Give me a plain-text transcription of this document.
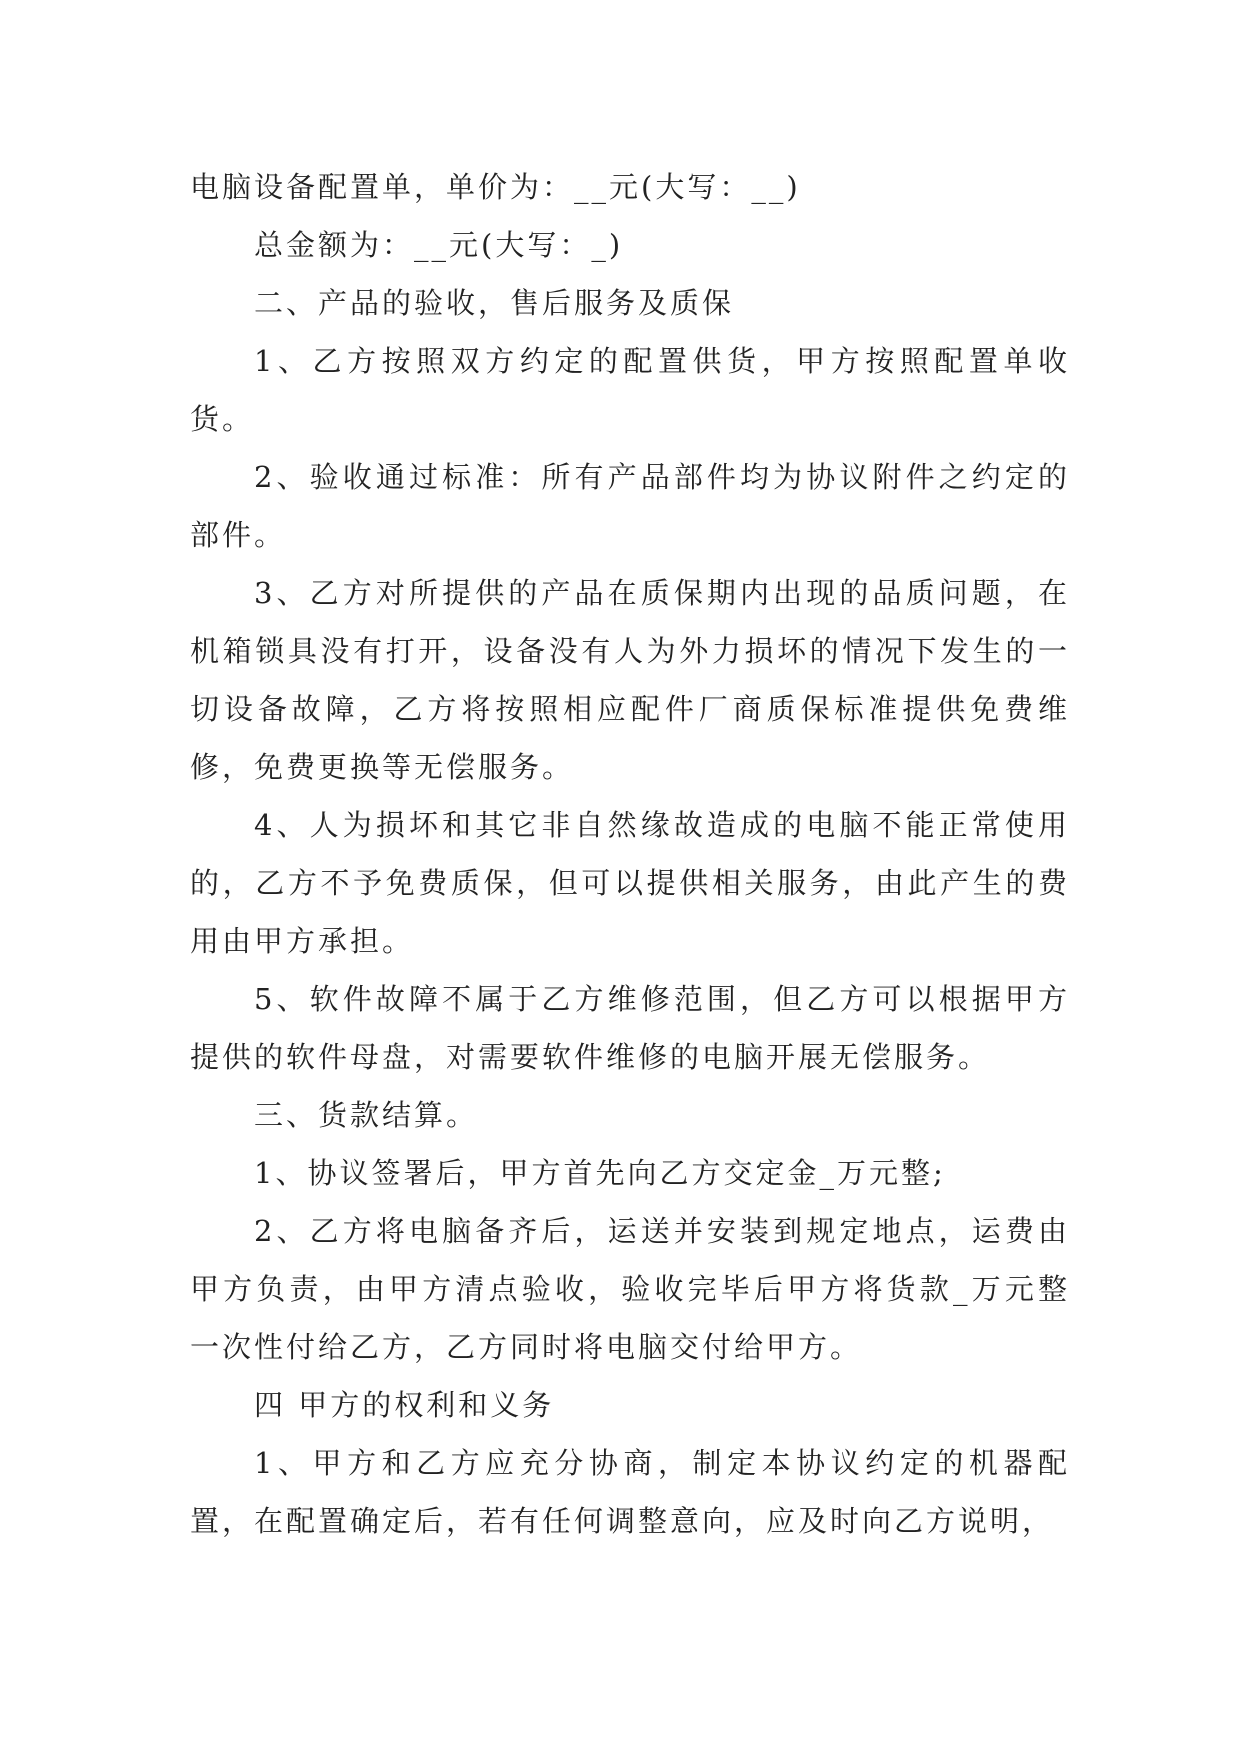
电脑设备配置单，单价为：__元(大写：__)

总金额为：__元(大写：_)

二、产品的验收，售后服务及质保

1、乙方按照双方约定的配置供货，甲方按照配置单收货。

2、验收通过标准：所有产品部件均为协议附件之约定的部件。

3、乙方对所提供的产品在质保期内出现的品质问题，在机箱锁具没有打开，设备没有人为外力损坏的情况下发生的一切设备故障，乙方将按照相应配件厂商质保标准提供免费维修，免费更换等无偿服务。

4、人为损坏和其它非自然缘故造成的电脑不能正常使用的，乙方不予免费质保，但可以提供相关服务，由此产生的费用由甲方承担。

5、软件故障不属于乙方维修范围，但乙方可以根据甲方提供的软件母盘，对需要软件维修的电脑开展无偿服务。

三、货款结算。

1、协议签署后，甲方首先向乙方交定金_万元整;

2、乙方将电脑备齐后，运送并安装到规定地点，运费由甲方负责，由甲方清点验收，验收完毕后甲方将货款_万元整一次性付给乙方，乙方同时将电脑交付给甲方。

四 甲方的权利和义务

1、甲方和乙方应充分协商，制定本协议约定的机器配置，在配置确定后，若有任何调整意向，应及时向乙方说明，
